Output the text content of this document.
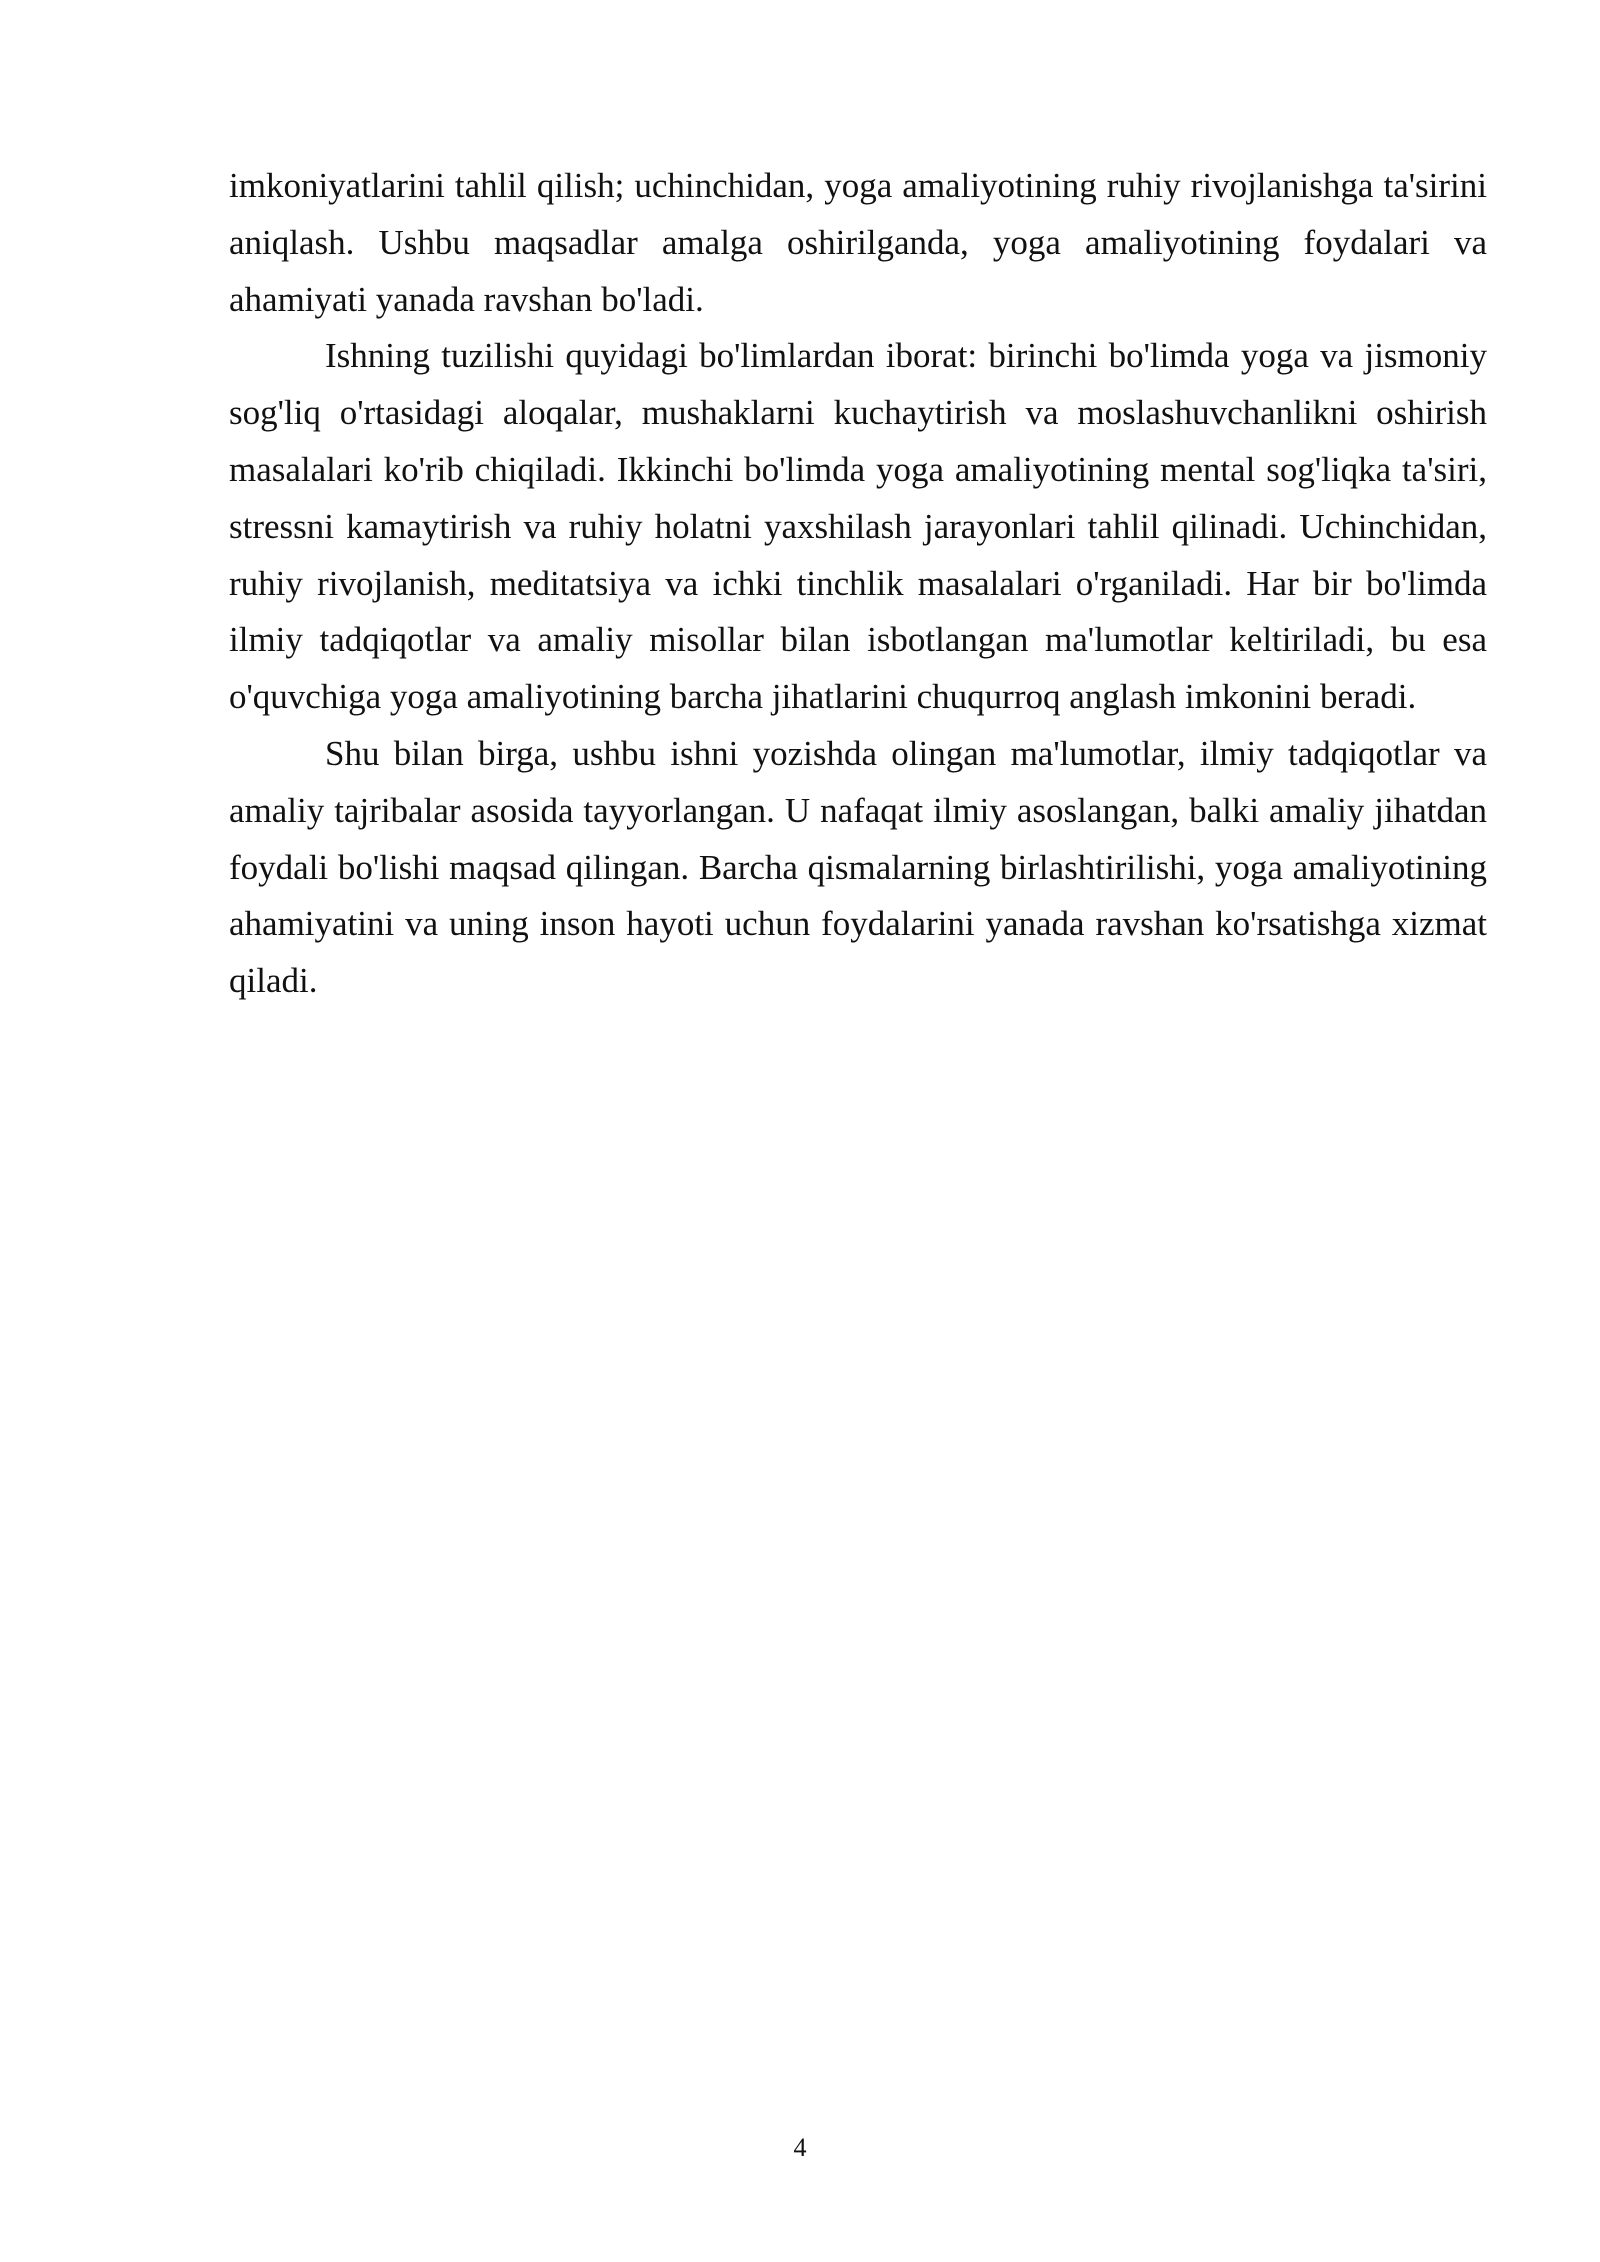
imkoniyatlarini tahlil qilish; uchinchidan, yoga amaliyotining ruhiy rivojlanishga ta'sirini aniqlash. Ushbu maqsadlar amalga oshirilganda, yoga amaliyotining foydalari va ahamiyati yanada ravshan bo'ladi.

Ishning tuzilishi quyidagi bo'limlardan iborat: birinchi bo'limda yoga va jismoniy sog'liq o'rtasidagi aloqalar, mushaklarni kuchaytirish va moslashuvchanlikni oshirish masalalari ko'rib chiqiladi. Ikkinchi bo'limda yoga amaliyotining mental sog'liqka ta'siri, stressni kamaytirish va ruhiy holatni yaxshilash jarayonlari tahlil qilinadi. Uchinchidan, ruhiy rivojlanish, meditatsiya va ichki tinchlik masalalari o'rganiladi. Har bir bo'limda ilmiy tadqiqotlar va amaliy misollar bilan isbotlangan ma'lumotlar keltiriladi, bu esa o'quvchiga yoga amaliyotining barcha jihatlarini chuqurroq anglash imkonini beradi.

Shu bilan birga, ushbu ishni yozishda olingan ma'lumotlar, ilmiy tadqiqotlar va amaliy tajribalar asosida tayyorlangan. U nafaqat ilmiy asoslangan, balki amaliy jihatdan foydali bo'lishi maqsad qilingan. Barcha qismalarning birlashtirilishi, yoga amaliyotining ahamiyatini va uning inson hayoti uchun foydalarini yanada ravshan ko'rsatishga xizmat qiladi.

4
